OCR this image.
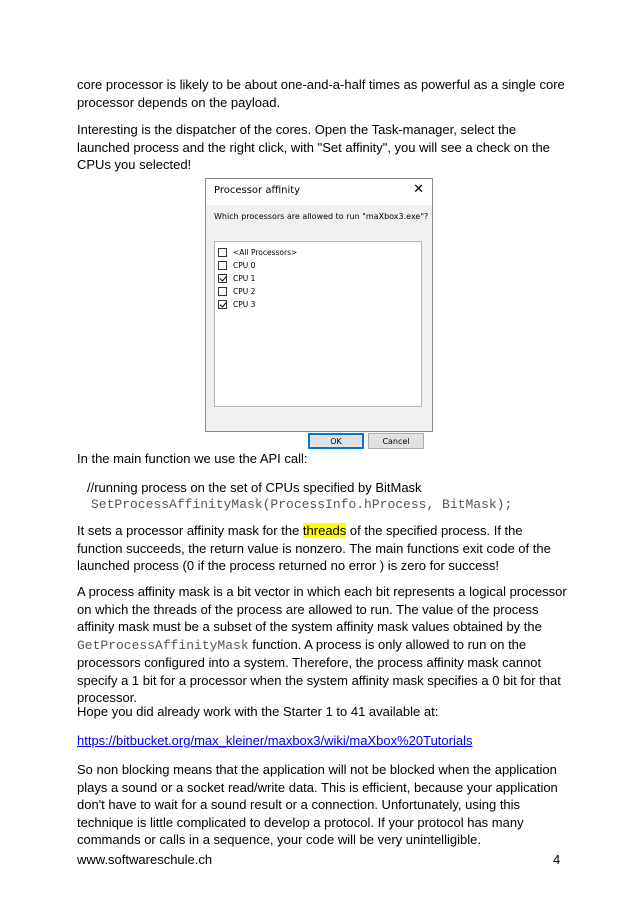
core processor is likely to be about one-and-a-half times as powerful as a single core
processor depends on the payload.
Interesting is the dispatcher of the cores. Open the Task-manager, select the
launched process and the right click, with "Set affinity", you will see a check on the
CPUs you selected!
Processor affinity	✕
Which processors are allowed to run "maXbox3.exe"?
<All Processors>
CPU 0
CPU 1
CPU 2
CPU 3
OK	Cancel
In the main function we use the API call:
//running process on the set of CPUs specified by BitMask
SetProcessAffinityMask(ProcessInfo.hProcess, BitMask);
It sets a processor affinity mask for the threads of the specified process. If the
function succeeds, the return value is nonzero. The main functions exit code of the
launched process (0 if the process returned no error ) is zero for success!
A process affinity mask is a bit vector in which each bit represents a logical processor
on which the threads of the process are allowed to run. The value of the process
affinity mask must be a subset of the system affinity mask values obtained by the
GetProcessAffinityMask function. A process is only allowed to run on the
processors configured into a system. Therefore, the process affinity mask cannot
specify a 1 bit for a processor when the system affinity mask specifies a 0 bit for that
processor.
Hope you did already work with the Starter 1 to 41 available at:
https://bitbucket.org/max_kleiner/maxbox3/wiki/maXbox%20Tutorials
So non blocking means that the application will not be blocked when the application
plays a sound or a socket read/write data. This is efficient, because your application
don't have to wait for a sound result or a connection. Unfortunately, using this
technique is little complicated to develop a protocol. If your protocol has many
commands or calls in a sequence, your code will be very unintelligible.
www.softwareschule.ch	4
